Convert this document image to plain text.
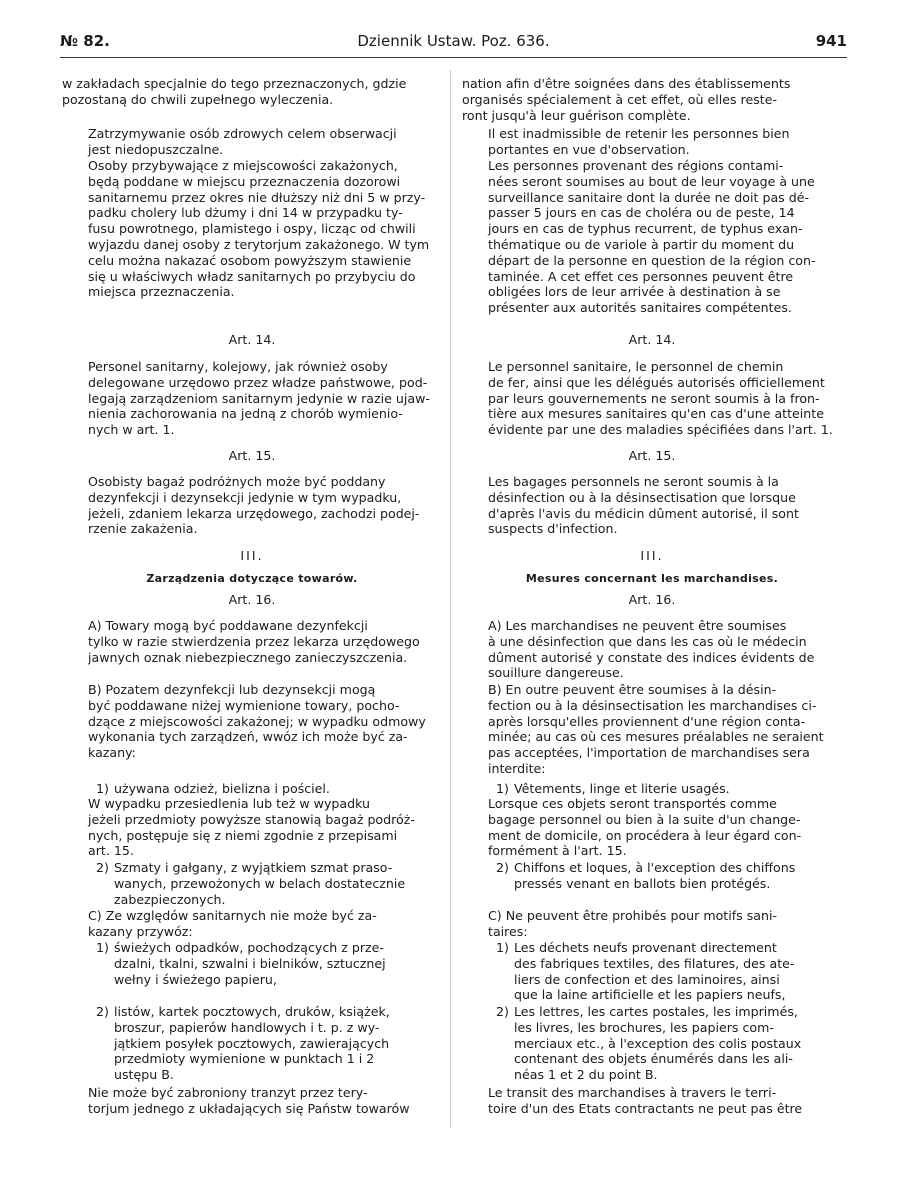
№ 82.	Dziennik Ustaw. Poz. 636.	941
w zakładach specjalnie do tego przeznaczonych, gdzie
pozostaną do chwili zupełnego wyleczenia.
Zatrzymywanie osób zdrowych celem obserwacji
jest niedopuszczalne.
Osoby przybywające z miejscowości zakażonych,
będą poddane w miejscu przeznaczenia dozorowi
sanitarnemu przez okres nie dłuższy niż dni 5 w przy-
padku cholery lub dżumy i dni 14 w przypadku ty-
fusu powrotnego, plamistego i ospy, licząc od chwili
wyjazdu danej osoby z terytorjum zakażonego. W tym
celu można nakazać osobom powyższym stawienie
się u właściwych władz sanitarnych po przybyciu do
miejsca przeznaczenia.
Art. 14.
Personel sanitarny, kolejowy, jak również osoby
delegowane urzędowo przez władze państwowe, pod-
legają zarządzeniom sanitarnym jedynie w razie ujaw-
nienia zachorowania na jedną z chorób wymienio-
nych w art. 1.
Art. 15.
Osobisty bagaż podróżnych może być poddany
dezynfekcji i dezynsekcji jedynie w tym wypadku,
jeżeli, zdaniem lekarza urzędowego, zachodzi podej-
rzenie zakażenia.
III.
Zarządzenia dotyczące towarów.
Art. 16.
A) Towary mogą być poddawane dezynfekcji
tylko w razie stwierdzenia przez lekarza urzędowego
jawnych oznak niebezpiecznego zanieczyszczenia.
B) Pozatem dezynfekcji lub dezynsekcji mogą
być poddawane niżej wymienione towary, pocho-
dzące z miejscowości zakażonej; w wypadku odmowy
wykonania tych zarządzeń, wwóz ich może być za-
kazany:
1) używana odzież, bielizna i pościel.
W wypadku przesiedlenia lub też w wypadku
jeżeli przedmioty powyższe stanowią bagaż podróż-
nych, postępuje się z niemi zgodnie z przepisami
art. 15.
2) Szmaty i gałgany, z wyjątkiem szmat praso-
wanych, przewożonych w belach dostatecznie
zabezpieczonych.
C) Ze względów sanitarnych nie może być za-
kazany przywóz:
1) świeżych odpadków, pochodzących z prze-
dzalni, tkalni, szwalni i bielników, sztucznej
wełny i świeżego papieru,
2) listów, kartek pocztowych, druków, książek,
broszur, papierów handlowych i t. p. z wy-
jątkiem posyłek pocztowych, zawierających
przedmioty wymienione w punktach 1 i 2
ustępu B.
Nie może być zabroniony tranzyt przez tery-
torjum jednego z układających się Państw towarów
nation afin d'être soignées dans des établissements
organisés spécialement à cet effet, où elles reste-
ront jusqu'à leur guérison complète.
Il est inadmissible de retenir les personnes bien
portantes en vue d'observation.
Les personnes provenant des régions contami-
nées seront soumises au bout de leur voyage à une
surveillance sanitaire dont la durée ne doit pas dé-
passer 5 jours en cas de choléra ou de peste, 14
jours en cas de typhus recurrent, de typhus exan-
thématique ou de variole à partir du moment du
départ de la personne en question de la région con-
taminée. A cet effet ces personnes peuvent être
obligées lors de leur arrivée à destination à se
présenter aux autorités sanitaires compétentes.
Art. 14.
Le personnel sanitaire, le personnel de chemin
de fer, ainsi que les délégués autorisés officiellement
par leurs gouvernements ne seront soumis à la fron-
tière aux mesures sanitaires qu'en cas d'une atteinte
évidente par une des maladies spécifiées dans l'art. 1.
Art. 15.
Les bagages personnels ne seront soumis à la
désinfection ou à la désinsectisation que lorsque
d'après l'avis du médicin dûment autorisé, il sont
suspects d'infection.
III.
Mesures concernant les marchandises.
Art. 16.
A) Les marchandises ne peuvent être soumises
à une désinfection que dans les cas où le médecin
dûment autorisé y constate des indices évidents de
souillure dangereuse.
B) En outre peuvent être soumises à la désin-
fection ou à la désinsectisation les marchandises ci-
après lorsqu'elles proviennent d'une région conta-
minée; au cas où ces mesures préalables ne seraient
pas acceptées, l'importation de marchandises sera
interdite:
1) Vêtements, linge et literie usagés.
Lorsque ces objets seront transportés comme
bagage personnel ou bien à la suite d'un change-
ment de domicile, on procédera à leur égard con-
formément à l'art. 15.
2) Chiffons et loques, à l'exception des chiffons
pressés venant en ballots bien protégés.
C) Ne peuvent être prohibés pour motifs sani-
taires:
1) Les déchets neufs provenant directement
des fabriques textiles, des filatures, des ate-
liers de confection et des laminoires, ainsi
que la laine artificielle et les papiers neufs,
2) Les lettres, les cartes postales, les imprimés,
les livres, les brochures, les papiers com-
merciaux etc., à l'exception des colis postaux
contenant des objets énumérés dans les ali-
néas 1 et 2 du point B.
Le transit des marchandises à travers le terri-
toire d'un des Etats contractants ne peut pas être
